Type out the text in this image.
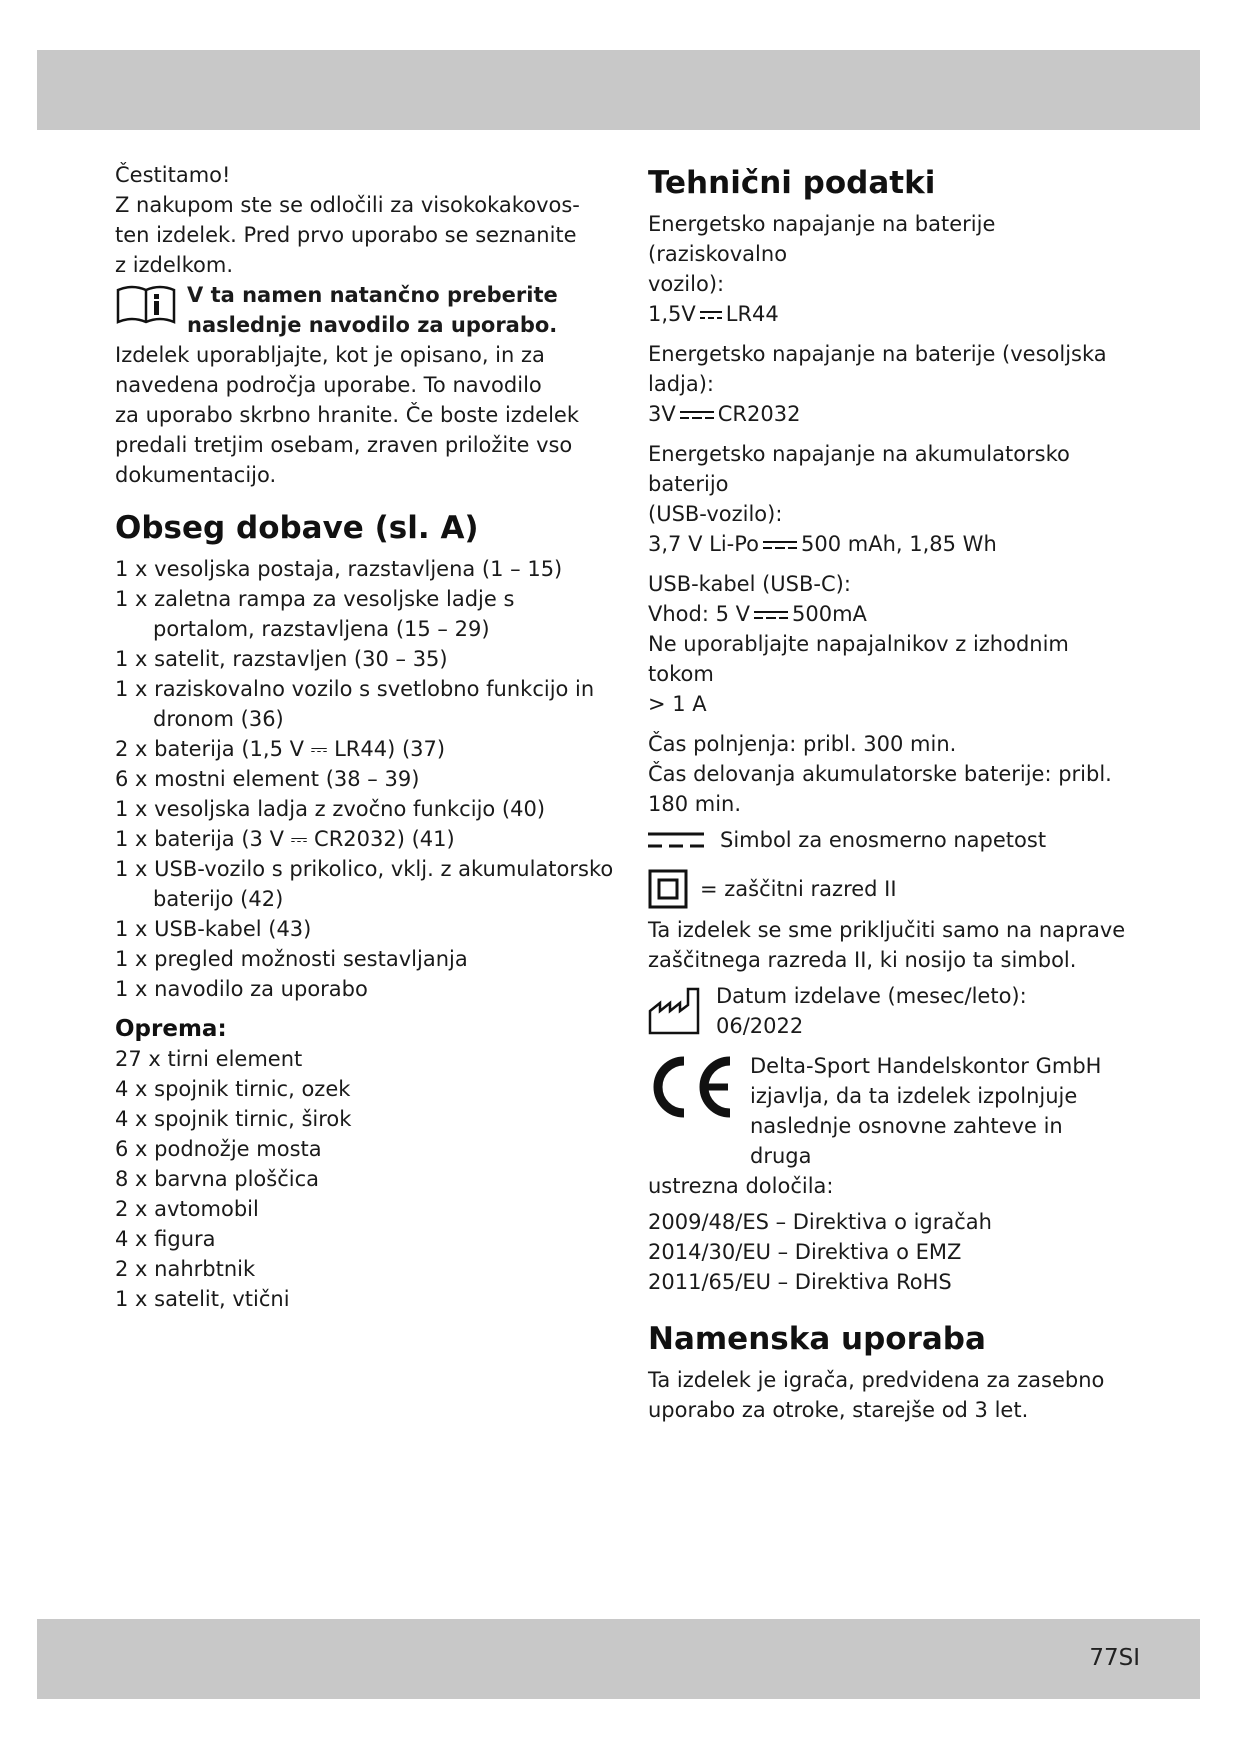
Čestitamo!

Z nakupom ste se odločili za visokokakovos-

ten izdelek. Pred prvo uporabo se seznanite

z izdelkom.

V ta namen natančno preberite

naslednje navodilo za uporabo.

Izdelek uporabljajte, kot je opisano, in za

navedena področja uporabe. To navodilo

za uporabo skrbno hranite. Če boste izdelek

predali tretjim osebam, zraven priložite vso

dokumentacijo.

Obseg dobave (sl. A)

1 x vesoljska postaja, razstavljena (1 – 15)
1 x zaletna rampa za vesoljske ladje s portalom, razstavljena (15 – 29)
1 x satelit, razstavljen (30 – 35)
1 x raziskovalno vozilo s svetlobno funkcijo in dronom (36)
2 x baterija (1,5 V ⎓ LR44) (37)
6 x mostni element (38 – 39)
1 x vesoljska ladja z zvočno funkcijo (40)
1 x baterija (3 V ⎓ CR2032) (41)
1 x USB-vozilo s prikolico, vklj. z akumulatorsko baterijo (42)
1 x USB-kabel (43)
1 x pregled možnosti sestavljanja
1 x navodilo za uporabo

Oprema:

27 x tirni element
4 x spojnik tirnic, ozek
4 x spojnik tirnic, širok
6 x podnožje mosta
8 x barvna ploščica
2 x avtomobil
4 x figura
2 x nahrbtnik
1 x satelit, vtični

Tehnični podatki

Energetsko napajanje na baterije (raziskovalno

vozilo):

1,5V LR44

Energetsko napajanje na baterije (vesoljska

ladja):

3V CR2032

Energetsko napajanje na akumulatorsko baterijo

(USB-vozilo):

3,7 V Li-Po 500 mAh, 1,85 Wh

USB-kabel (USB-C):

Vhod: 5 V 500mA

Ne uporabljajte napajalnikov z izhodnim tokom

> 1 A

Čas polnjenja: pribl. 300 min.

Čas delovanja akumulatorske baterije: pribl.

180 min.

Simbol za enosmerno napetost
= zaščitni razred II

Ta izdelek se sme priključiti samo na naprave

zaščitnega razreda II, ki nosijo ta simbol.

Datum izdelave (mesec/leto):

06/2022

Delta-Sport Handelskontor GmbH

izjavlja, da ta izdelek izpolnjuje

naslednje osnovne zahteve in druga

ustrezna določila:

2009/48/ES – Direktiva o igračah

2014/30/EU – Direktiva o EMZ

2011/65/EU – Direktiva RoHS

Namenska uporaba

Ta izdelek je igrača, predvidena za zasebno

uporabo za otroke, starejše od 3 let.

77SI
